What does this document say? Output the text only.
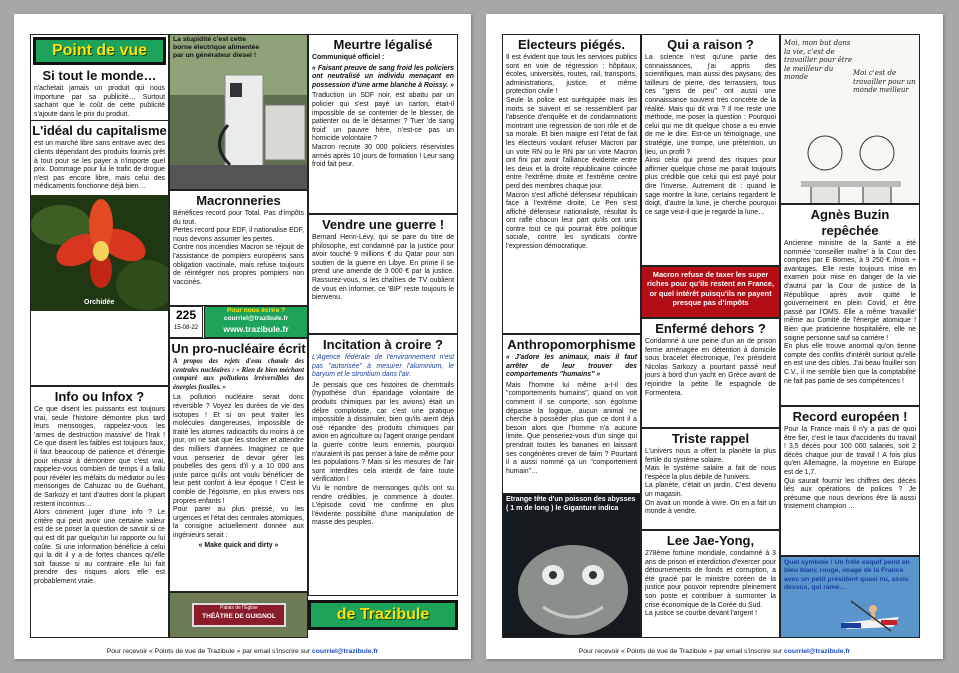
Point de vue
Si tout le monde…
n'achetait jamais un produit qui nous importune par sa publicité… Surtout sachant que le coût de cette publicité s'ajoute dans le prix du produit.
L'idéal du capitalisme
est un marché libre sans entrave avec des clients dépendant des produits fournis prêt à tout pour se les payer à n'importe quel prix. Dommage pour lui le trafic de drogue n'est pas encore libre, mais celui des médicaments fonctionne déjà bien…
Orchidée
Info ou Infox ?
Ce que disent les puissants est toujours vrai, seule l'histoire démontre plus tard leurs mensonges, rappelez-vous les 'armes de destruction massive' de l'Irak ! Ce que disent les faibles est toujours faux, il faut beaucoup de patience et d'énergie pour réussir à démontrer que c'est vrai, rappelez-vous combien de temps il a fallu pour révéler les méfaits du médiator ou les mensonges de Cahuzac ou de Guéhant, de Sarkozy et tant d'autres dont la plupart restent inconnus…
Alors comment juger d'une info ? Le critère qui peut avoir une certaine valeur est de se poser la question de savoir si ce qui est dit par quelqu'un lui rapporte ou lui coûte. Si une information bénéficie à celui qui la dit il y a de fortes chances qu'elle soit fausse si au contraire elle lui fait prendre des risques alors elle est probablement vraie.
La stupidité c'est cette borne électrique alimentée par un générateur diesel !
Macronneries
Bénéfices record pour Total. Pas d'impôts du tout.
Pertes record pour EDF, il nationalise EDF, nous devons assumer les pertes.
Contre nos incendies Macron se réjouit de l'assistance de pompiers européens sans obligation vaccinale, mais refuse toujours de réintégrer nos propres pompiers non vaccinés.
225
15-08-22
Pour nous écrire ?
courriel@trazibule.fr
www.trazibule.fr
Un pro-nucléaire écrit
A propos des rejets d'eau chaude des centrales nucléaires : « Rien de bien méchant comparé aux pollutions irréversibles des énergies fossiles. »
La pollution nucléaire serait donc réversible ? Voyez les durées de vie des isotopes ! Et si on peut traiter les molécules dangereuses, impossible de traité les atomes radioactifs du moins à ce jour, on ne sait que les stocker et attendre des milliers d'années. Imaginez ce que vous penseriez de devoir gérer les poubelles des gens d'il y a 10 000 ans juste parce qu'ils ont voulu bénéficier de leur petit confort à leur époque ! C'est le comble de l'égoïsme, en plus envers nos propres enfants !
Pour parer au plus pressé, vu les urgences et l'état des centrales atomiques, la consigne actuellement donnée aux ingénieurs serait :
« Make quick and dirty »
Palais de l'Eglise
THÉÂTRE DE GUIGNOL
Meurtre légalisé
Communiqué officiel :
« Faisant preuve de sang froid les policiers ont neutralisé un individu menaçant en possession d'une arme blanche à Roissy. »
Traduction un SDF noir, est abattu par un policier qui s'est payé un carton, était-il impossible de se contenter de le blesser, de patienter ou de le désarmer ? Tuer 'de sang froid' un pauvre hère, n'est-ce pas un homicide volontaire ?
Macron recrute 30 000 policiers réservistes armés après 10 jours de formation ! Leur sang froid fait peur.
Vendre une guerre !
Bernard Henri-Lévy, qui se pare du titre de philosophe, est condamné par la justice pour avoir touché 9 millions € du Qatar pour son soutien de la guerre en Libye. En prime il se prend une amende de 3 000 € par la justice. Rassurez-vous, si les chaînes de TV oublient de vous en informer, ce 'BIP' reste toujours le bienvenu.
Incitation à croire ?
L'Agence fédérale de l'environnement n'est pas "autorisée" à mesurer l'aluminium, le baryum et le strontium dans l'air.
Je pensais que ces histoires de chemtrails (hypothèse d'un épandage volontaire de produits chimiques par les avions) était un délire complotiste, car c'est une pratique impossible à dissimuler, bien qu'ils aient déjà osé répandre des produits chimiques par avion en agriculture ou l'agent orange pendant la guerre contre leurs ennemis, pourquoi n'auraient ils pas penser à faire de même pour les populations ? Mais si les mesures de l'air sont interdites cela interdit de faire toute vérification !
Vu le nombre de mensonges qu'ils ont su rendre crédibles, je commence à douter. L'épisode covid me confirme en plus l'évidente possibilité d'une manipulation de masse des peuples.
de Trazibule
Pour recevoir « Points de vue de Trazibule » par email s'inscrire sur courriel@trazibule.fr
Electeurs piégés.
Il est évident que tous les services publics sont en voie de régression : hôpitaux, écoles, universités, routes, rail, transports, administrations, justice, et même protection civile !
Seule la police est suréquipée mais les morts se suivent et se ressemblent par l'absence d'enquête et de condamnations montrant une régression de son rôle et de sa morale. Et bien maigre est l'état de fait les électeurs voulant refuser Macron par un vote RN ou le RN par un vote Macron ont fini par avoir l'alliance évidente entre les deux et la droite républicaine coincée entre l'extrême droite et l'extrême centre perd des membres chaque jour.
Macron s'est affiché défenseur républicain face à l'extrême droite, Le Pen s'est affiché défenseur nationaliste, résultat ils ont raflé chacun leur part qu'ils ont unis contre tout ce qui pourrait être politique sociale, contre les syndicats contre l'expression démocratique.
Anthropomorphisme
« J'adore les animaux, mais il faut arrêter de leur trouver des comportements "humains" »
Mais l'homme lui même a-t-il des "comportements humains", quand on voit comment il se comporte, son égoïsme dépasse la logique, aucun animal ne cherche à posséder plus que ce dont il a besoin alors que l'homme n'a aucune limite. Que penseriez-vous d'un singe qui prendrait toutes les bananes en laissant ses congénères crever de faim ? Pourtant il a aussi nommé ça un "comportement humain"…
Etrange tête d'un poisson des abysses ( 1 m de long ) le Giganture indica
Qui a raison ?
La science n'est qu'une partie des connaissances, j'ai appris des scientifiques, mais aussi des paysans, des tailleurs de pierre, des terrassiers, tous ces "gens de peu" ont aussi une connaissance souvent très concrète de la réalité. Mais qui dit vrai ? Il me reste une méthode, me poser la question : Pourquoi celui qui me dit quelque chose a eu envie de me le dire. Est-ce un témoignage, une stratégie, une trompe, une prétention, un lieu, un profit ?
Ainsi celui qui prend des risques pour affirmer quelque chose me parait toujours plus crédible que celui qui est payé pour dire l'inverse. Autrement dit : quand le sage montre la lune, certains regardent le doigt, d'autre la lune, je cherche pourquoi ce sage veut-il que je regarde la lune…
Macron refuse de taxer les super riches pour qu'ils restent en France, or quel intérêt puisqu'ils ne payent presque pas d'impôts
Enfermé dehors ?
Condamné à une peine d'un an de prison ferme aménagée en détention à domicile sous bracelet électronique, l'ex président Nicolas Sarkozy a pourtant passé neuf jours à bord d'un yacht en Grèce avant de rejoindre la petite île espagnole de Formentera.
Triste rappel
L'univers nous a offert la planète la plus fertile du système solaire.
Mais le système salaire a fait de nous l'espèce la plus débile de l'univers.
La planète, c'était un jardin. C'est devenu un magasin.
On avait un monde à vivre. On en a fait un monde à vendre.
Lee Jae-Yong,
278ème fortune mondiale, condamné à 3 ans de prison et interdiction d'exercer pour détournements de fonds et corruption, a été gracié par le ministre coréen de la justice pour pouvoir reprendre pleinement son poste et contribuer à surmonter la crise économique de la Corée du Sud.
La justice se courbe devant l'argent !
Moi, mon but dans la vie, c'est de travailler pour être le meilleur du monde
Moi c'est de travailler pour un monde meilleur
Agnès Buzin repêchée
Ancienne ministre de la Santé a été nommée 'conseiller maître' à la Cour des comptes par E Bornes, à 9 250 € /mois + avantages. Elle reste toujours mise en examen pour mise en danger de la vie d'autrui par la Cour de justice de la République après avoir quitté le gouvernement en plein Covid, et être passé par l'OMS. Elle a même 'travaillé' même au Comité de l'énergie atomique ! Bien que praticienne hospitalière, elle ne soigne personne sauf sa carrière !
En plus elle trouve anormal qu'on tienne compte des conflits d'intérêt surtout qu'elle en est une des cibles. J'ai beau fouiller son C.V., il me semble bien que la comptabilité ne fait pas partie de ses compétences !
Record européen !
Pour la France mais il n'y a pas de quoi être fier, c'est le taux d'accidents du travail ! 3,5 décès pour 100 000 salariés, soit 2 décès chaque jour de travail ! A fois plus qu'en Allemagne, la moyenne en Europe est de 1,7.
Qui saurait fournir les chiffres des décès liés aux opérations de polices ? Je présume que nous devrions être là aussi tristement champion …
Quel symbole ! Un frêle esquif peint en bleu blanc rouge, image de la France avec un petit président quasi nu, assis dessus, qui rame…
Pour recevoir « Points de vue de Trazibule » par email s'inscrire sur courriel@trazibule.fr
